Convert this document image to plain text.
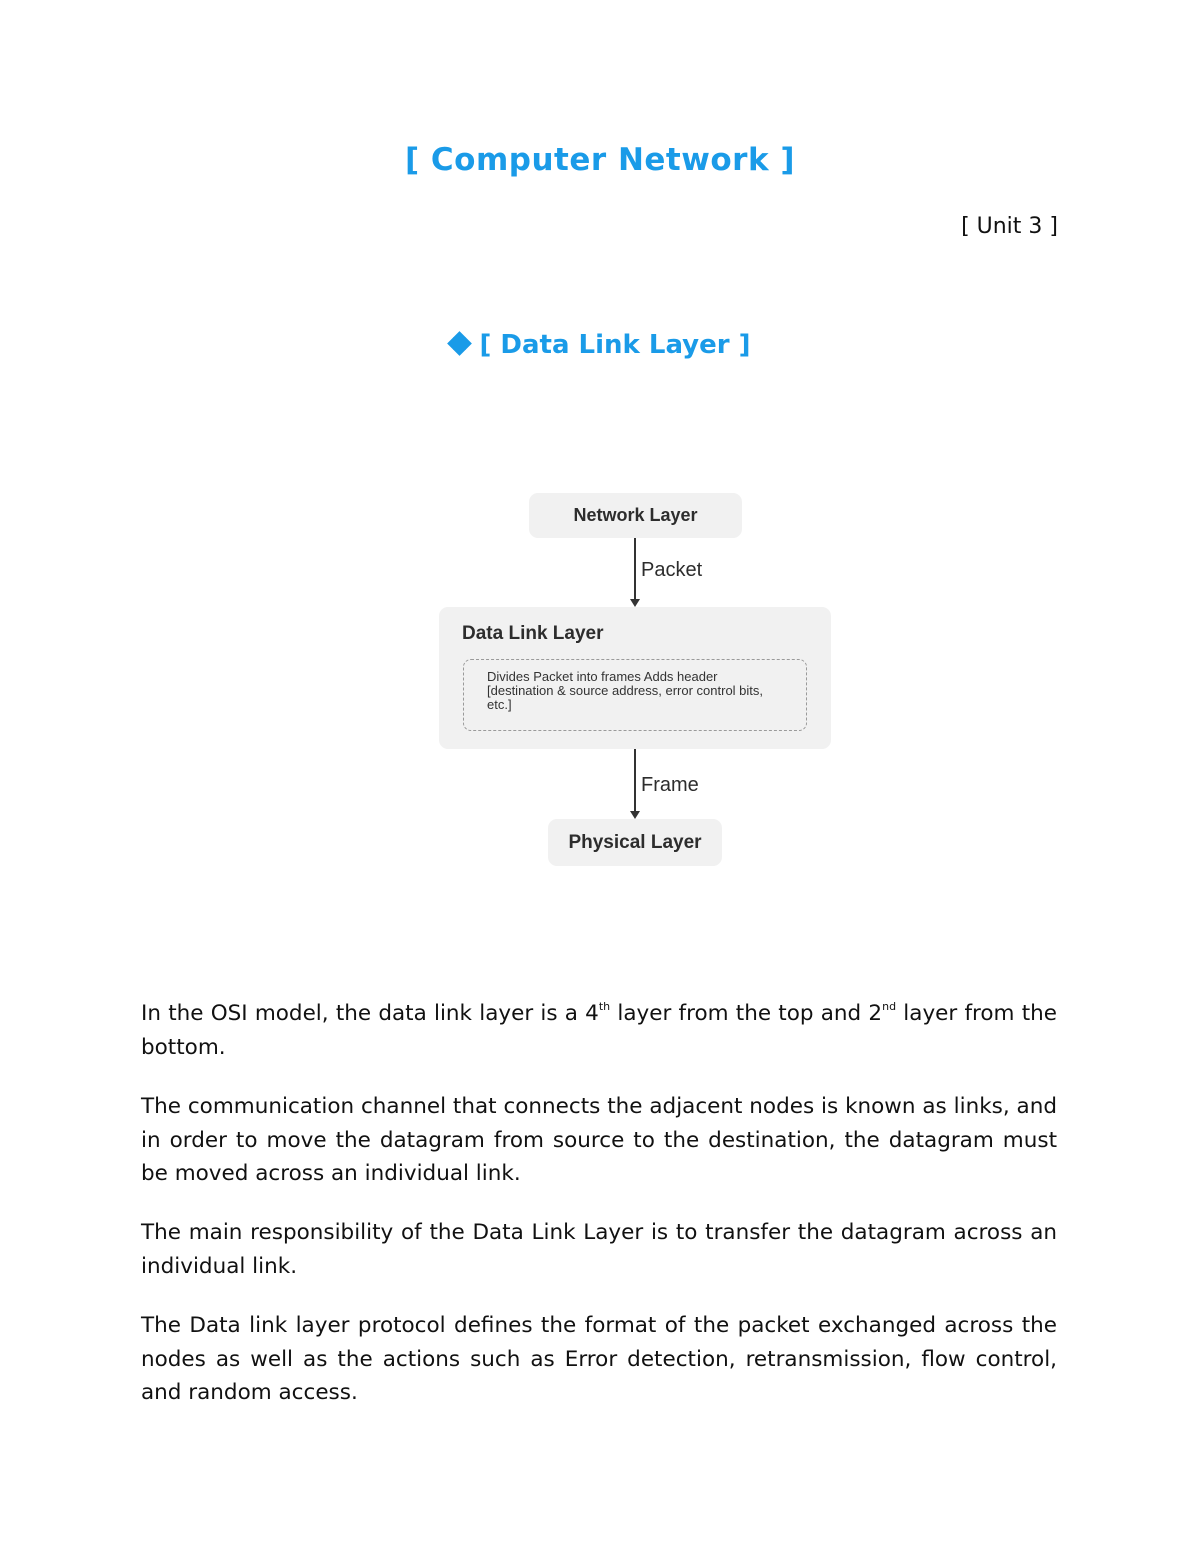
[ Computer Network ]
[ Unit 3 ]
[ Data Link Layer ]
Network Layer
Packet
Data Link Layer
Divides Packet into frames Adds header [destination & source address, error control bits, etc.]
Frame
Physical Layer
In the OSI model, the data link layer is a 4th layer from the top and 2nd layer from the bottom.
The communication channel that connects the adjacent nodes is known as links, and in order to move the datagram from source to the destination, the datagram must be moved across an individual link.
The main responsibility of the Data Link Layer is to transfer the datagram across an individual link.
The Data link layer protocol defines the format of the packet exchanged across the nodes as well as the actions such as Error detection, retransmission, flow control, and random access.
